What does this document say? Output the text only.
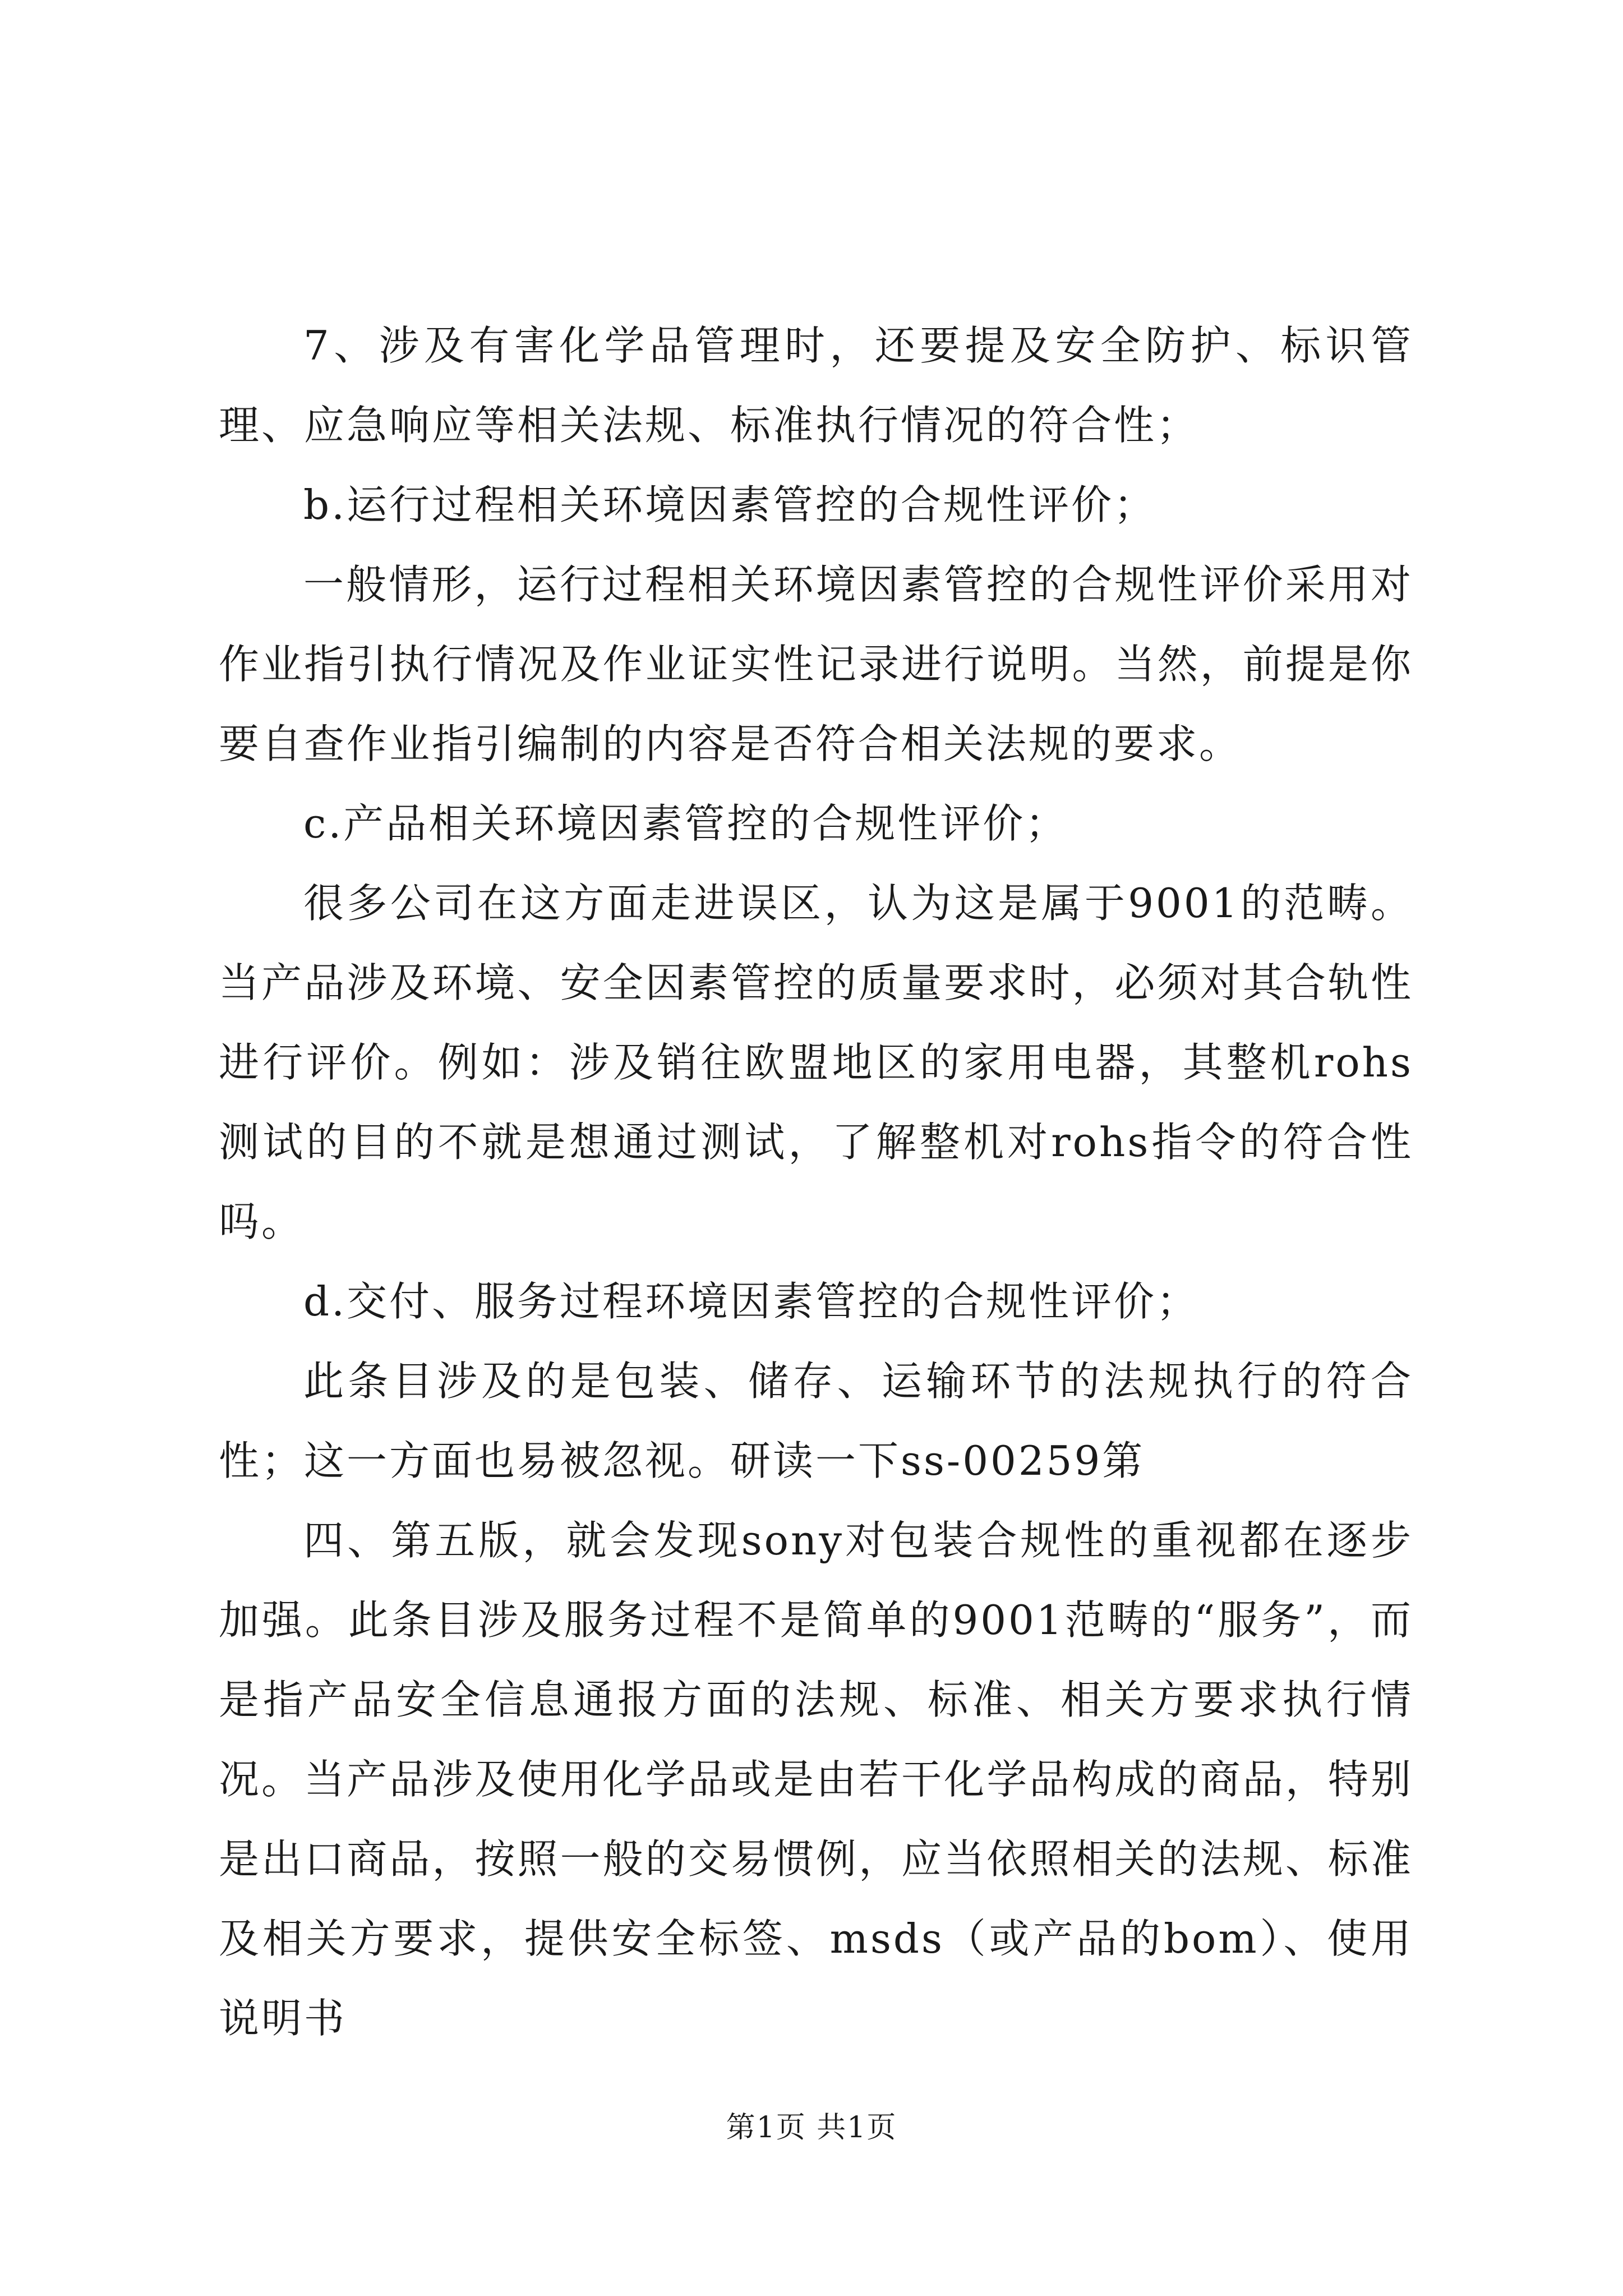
7、涉及有害化学品管理时，还要提及安全防护、标识管理、应急响应等相关法规、标准执行情况的符合性；

b.运行过程相关环境因素管控的合规性评价；

一般情形，运行过程相关环境因素管控的合规性评价采用对作业指引执行情况及作业证实性记录进行说明。当然，前提是你要自查作业指引编制的内容是否符合相关法规的要求。

c.产品相关环境因素管控的合规性评价；

很多公司在这方面走进误区，认为这是属于9001的范畴。当产品涉及环境、安全因素管控的质量要求时，必须对其合轨性进行评价。例如：涉及销往欧盟地区的家用电器，其整机rohs测试的目的不就是想通过测试，了解整机对rohs指令的符合性吗。

d.交付、服务过程环境因素管控的合规性评价；

此条目涉及的是包装、储存、运输环节的法规执行的符合性；这一方面也易被忽视。研读一下ss-00259第

四、第五版，就会发现sony对包装合规性的重视都在逐步加强。此条目涉及服务过程不是简单的9001范畴的“服务”，而是指产品安全信息通报方面的法规、标准、相关方要求执行情况。当产品涉及使用化学品或是由若干化学品构成的商品，特别是出口商品，按照一般的交易惯例，应当依照相关的法规、标准及相关方要求，提供安全标签、msds（或产品的bom）、使用说明书

第1页 共1页
